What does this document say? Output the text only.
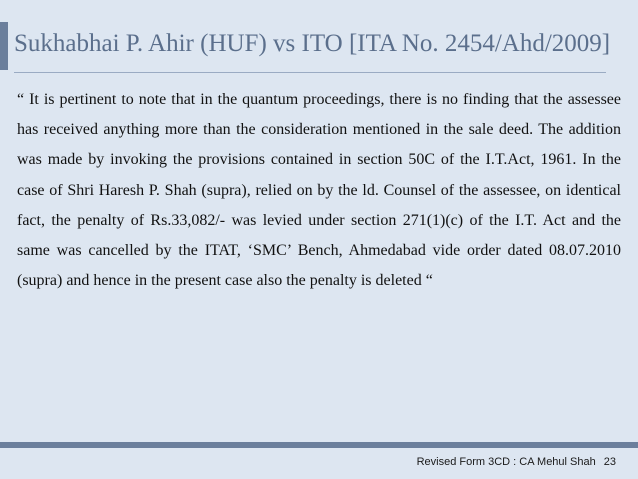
Sukhabhai P. Ahir (HUF) vs ITO [ITA No. 2454/Ahd/2009]
“ It is pertinent to note that in the quantum proceedings, there is no finding that the assessee has received anything more than the consideration mentioned in the sale deed. The addition was made by invoking the provisions contained in section 50C of the I.T.Act, 1961. In the case of Shri Haresh P. Shah (supra), relied on by the ld. Counsel of the assessee, on identical fact, the penalty of Rs.33,082/- was levied under section 271(1)(c) of the I.T. Act and the same was cancelled by the ITAT, ‘SMC’ Bench, Ahmedabad vide order dated 08.07.2010 (supra) and hence in the present case also the penalty is deleted “
Revised Form 3CD : CA Mehul Shah 23
